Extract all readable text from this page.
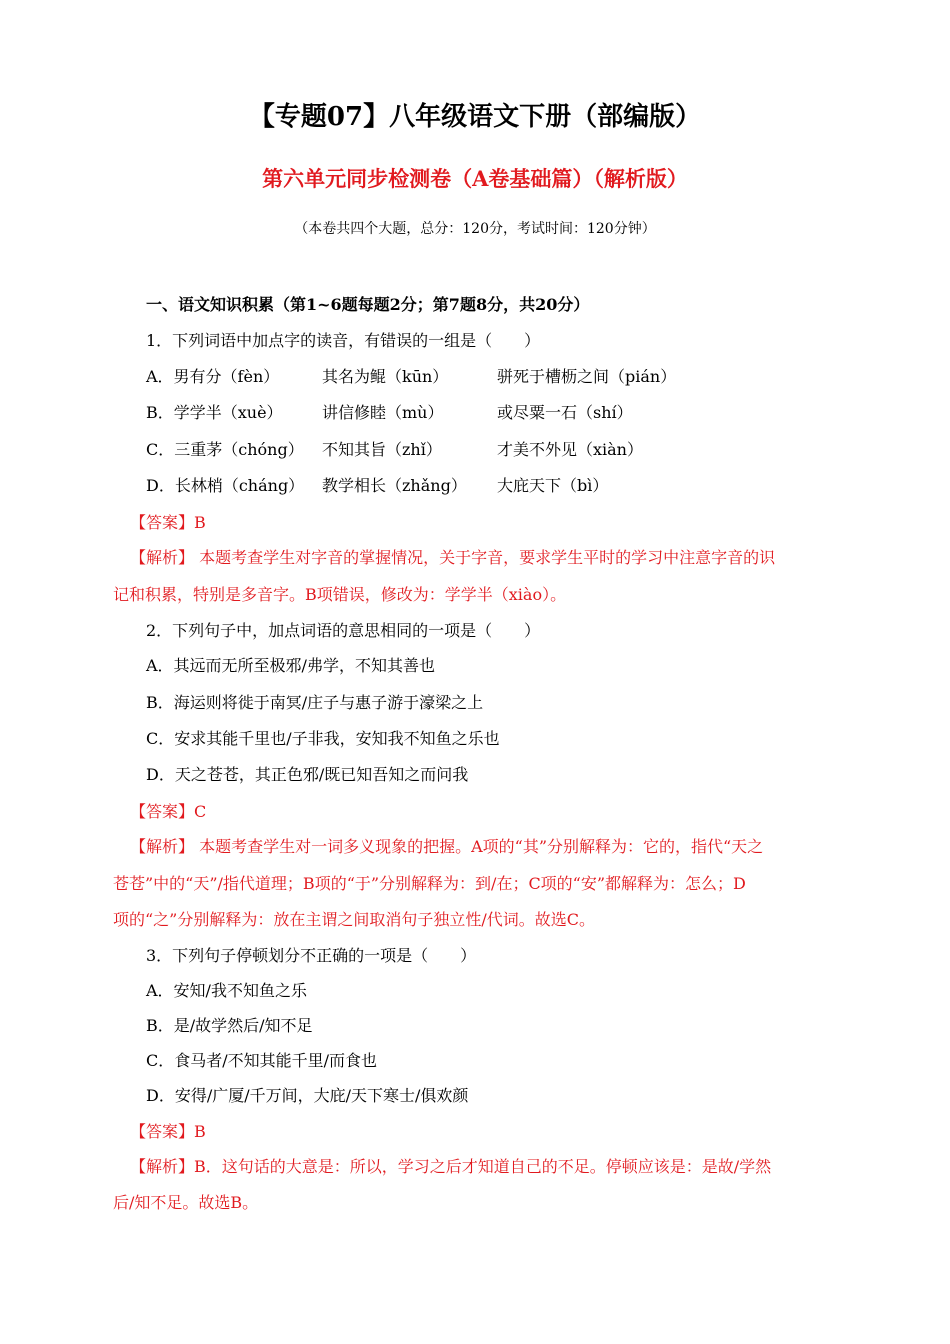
【专题07】八年级语文下册（部编版）
第六单元同步检测卷（A卷基础篇）（解析版）
（本卷共四个大题，总分：120分，考试时间：120分钟）
一、语文知识积累（第1~6题每题2分；第7题8分，共20分）
1．下列词语中加点字的读音，有错误的一组是（　　）
A．男有分（fèn）	其名为鲲（kūn）	骈死于槽枥之间（pián）
B．学学半（xuè） 讲信修睦（mù）	或尽粟一石（shí）
C．三重茅（chóng） 不知其旨（zhǐ）	才美不外见（xiàn）
D．长林梢（cháng） 教学相长（zhǎng） 大庇天下（bì）
【答案】B
【解析】 本题考查学生对字音的掌握情况，关于字音，要求学生平时的学习中注意字音的识
记和积累，特别是多音字。B项错误，修改为：学学半（xiào）。
2．下列句子中，加点词语的意思相同的一项是（　　）
A．其远而无所至极邪/弗学，不知其善也
B．海运则将徙于南冥/庄子与惠子游于濠梁之上
C．安求其能千里也/子非我，安知我不知鱼之乐也
D．天之苍苍，其正色邪/既已知吾知之而问我
【答案】C
【解析】 本题考查学生对一词多义现象的把握。A项的“其”分别解释为：它的，指代“天之
苍苍”中的“天”/指代道理；B项的“于”分别解释为：到/在；C项的“安”都解释为：怎么；D
项的“之”分别解释为：放在主谓之间取消句子独立性/代词。故选C。
3．下列句子停顿划分不正确的一项是（　　）
A．安知/我不知鱼之乐
B．是/故学然后/知不足
C．食马者/不知其能千里/而食也
D．安得/广厦/千万间，大庇/天下寒士/俱欢颜
【答案】B
【解析】B．这句话的大意是：所以，学习之后才知道自己的不足。停顿应该是：是故/学然
后/知不足。故选B。
